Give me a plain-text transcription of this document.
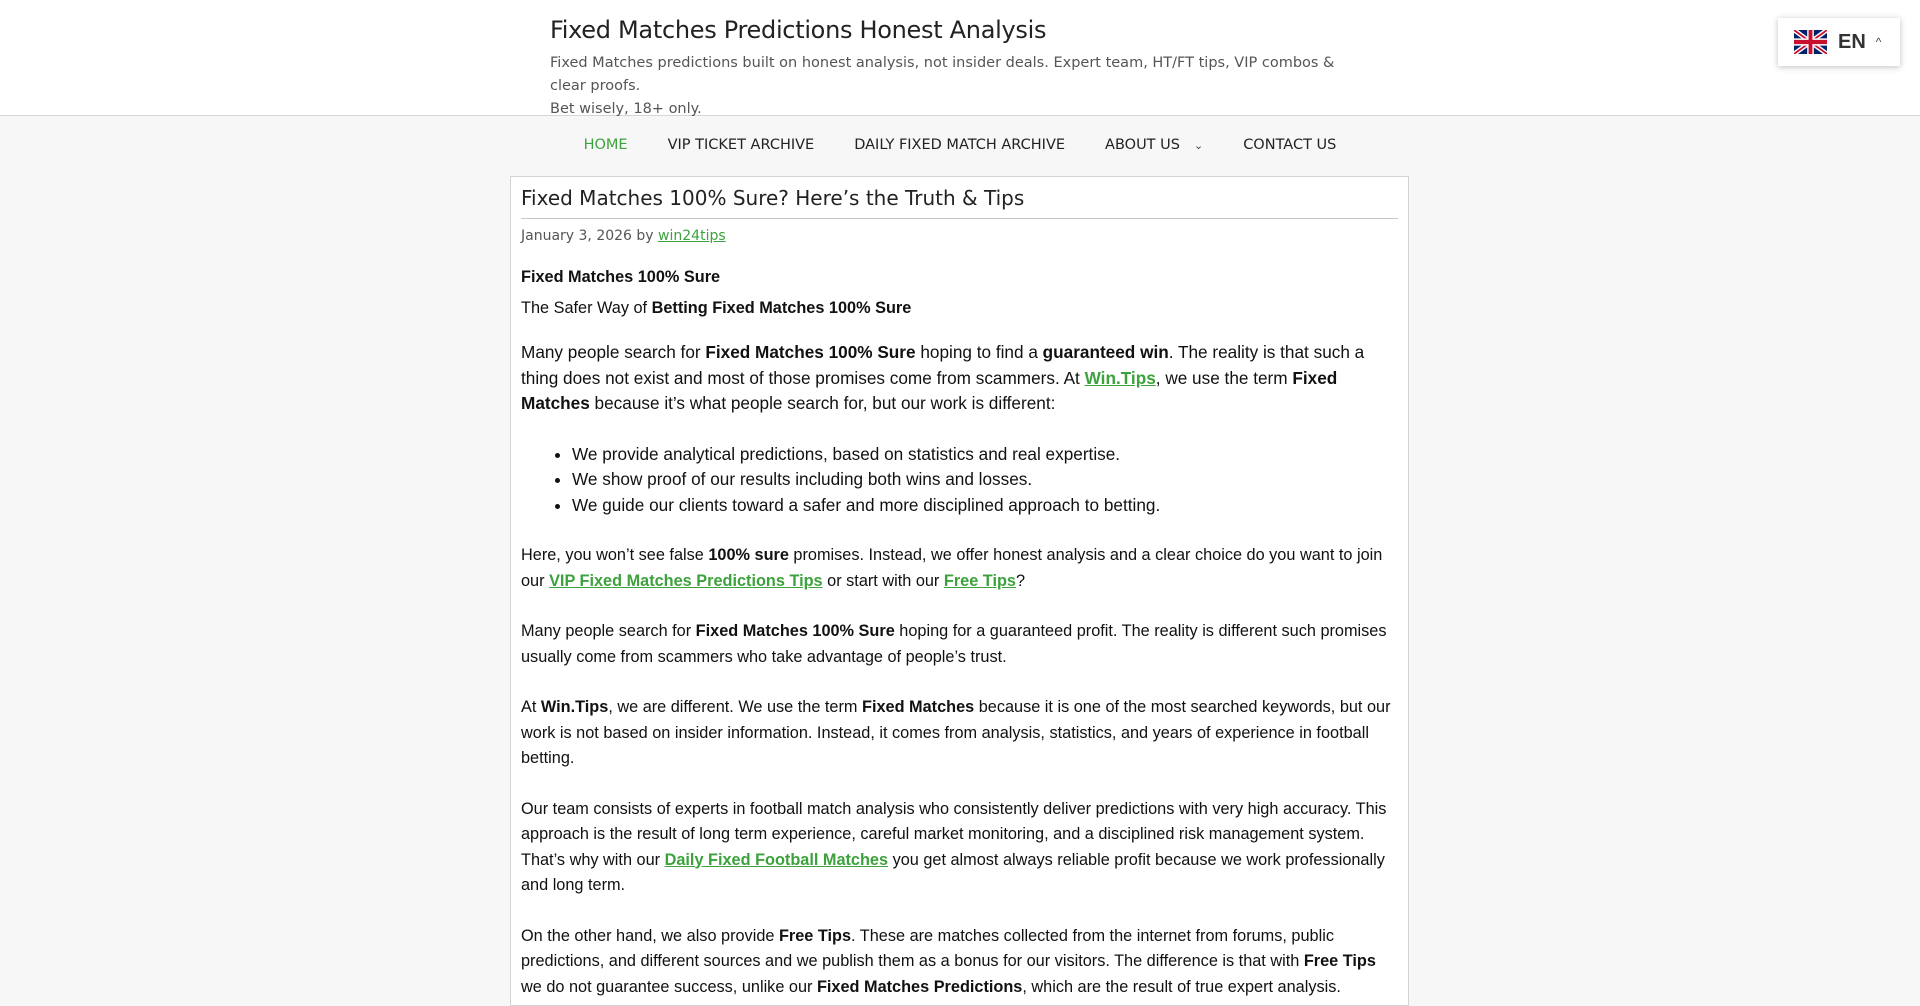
Fixed Matches Predictions Honest Analysis
Fixed Matches predictions built on honest analysis, not insider deals. Expert team, HT/FT tips, VIP combos & clear proofs.
Bet wisely, 18+ only.
EN ^
HOME	VIP TICKET ARCHIVE	DAILY FIXED MATCH ARCHIVE	ABOUT US ⌄	CONTACT US
Fixed Matches 100% Sure? Here’s the Truth & Tips
January 3, 2026 by win24tips

Fixed Matches 100% Sure

The Safer Way of Betting Fixed Matches 100% Sure

Many people search for Fixed Matches 100% Sure hoping to find a guaranteed win. The reality is that such a thing does not exist and most of those promises come from scammers. At Win.Tips, we use the term Fixed Matches because it’s what people search for, but our work is different:

• We provide analytical predictions, based on statistics and real expertise.
• We show proof of our results including both wins and losses.
• We guide our clients toward a safer and more disciplined approach to betting.

Here, you won’t see false 100% sure promises. Instead, we offer honest analysis and a clear choice do you want to join our VIP Fixed Matches Predictions Tips or start with our Free Tips?

Many people search for Fixed Matches 100% Sure hoping for a guaranteed profit. The reality is different such promises usually come from scammers who take advantage of people’s trust.

At Win.Tips, we are different. We use the term Fixed Matches because it is one of the most searched keywords, but our work is not based on insider information. Instead, it comes from analysis, statistics, and years of experience in football betting.

Our team consists of experts in football match analysis who consistently deliver predictions with very high accuracy. This approach is the result of long term experience, careful market monitoring, and a disciplined risk management system. That’s why with our Daily Fixed Football Matches you get almost always reliable profit because we work professionally and long term.

On the other hand, we also provide Free Tips. These are matches collected from the internet from forums, public predictions, and different sources and we publish them as a bonus for our visitors. The difference is that with Free Tips we do not guarantee success, unlike our Fixed Matches Predictions, which are the result of true expert analysis.
